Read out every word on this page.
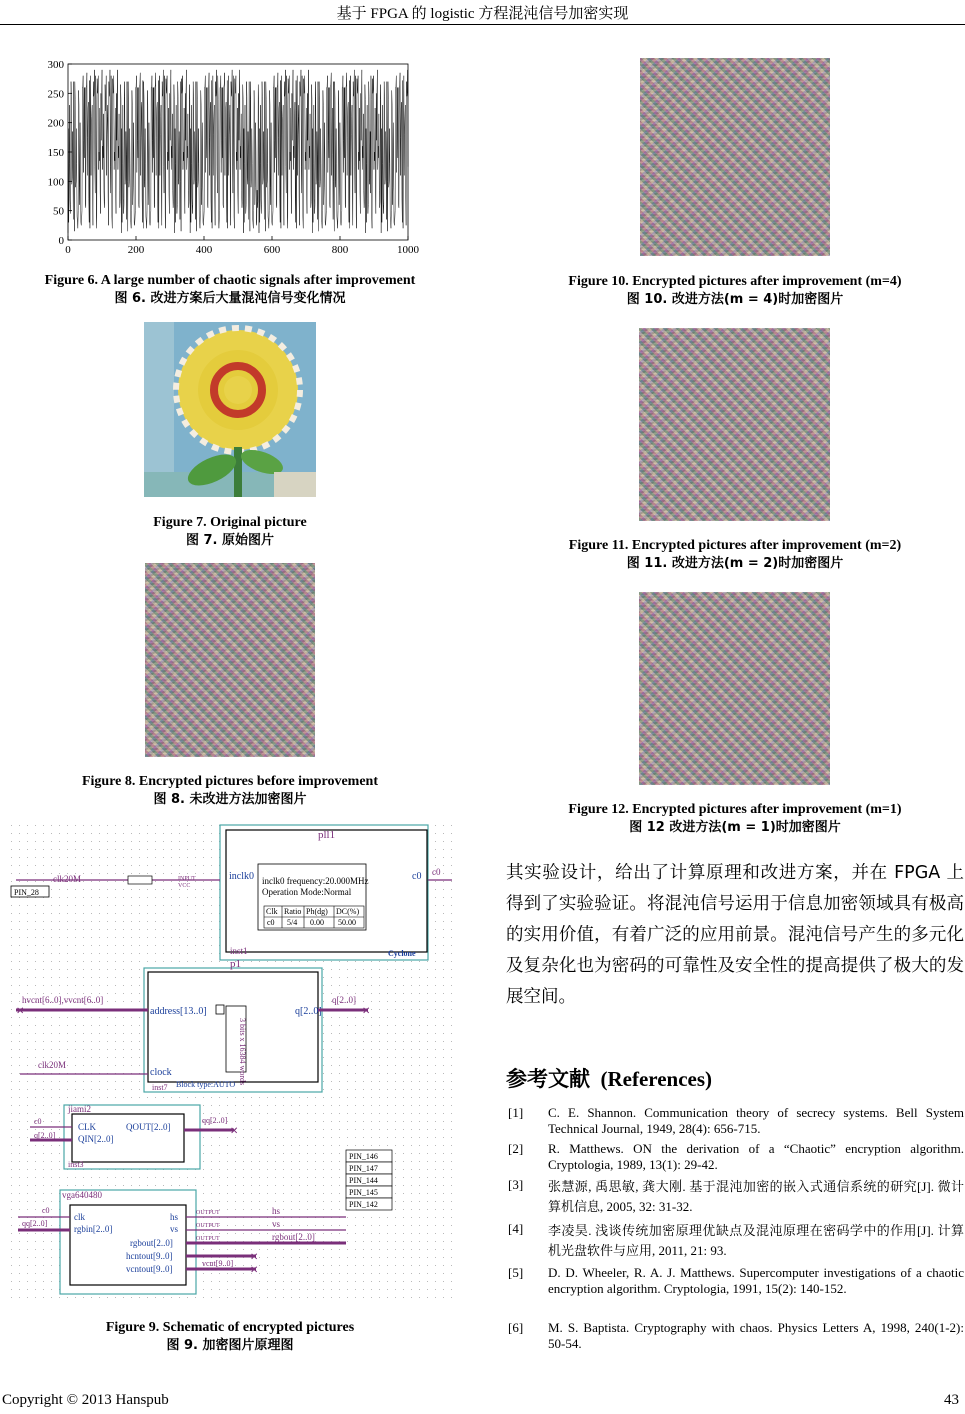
基于 FPGA 的 logistic 方程混沌信号加密实现
0
50
100
150
200
250
300
0	200	400	600	800	1000
Figure 6. A large number of chaotic signals after improvement
图 6. 改进方案后大量混沌信号变化情况
Figure 7. Original picture
图 7. 原始图片
Figure 8. Encrypted pictures before improvement
图 8. 未改进方法加密图片
pll1
inclk0	c0
inclk0 frequency:20.000MHz
Operation Mode:Normal
Clk Ratio Ph(dg) DC(%)
c0 5/4 0.00 50.00
inst1	Cyclone
PIN_28
clk20M	INPUT
VCC
c0
p1
address[13..0]	q[2..0]
clock	3 bits x 16384 words
inst7 Block type:AUTO
hvcnt[6..0],vvcnt[6..0]
✕
q[2..0]
✕
clk20M
jiami2
CLK
QIN[2..0]
QOUT[2..0]
inst3
c0
q[2..0]
qq[2..0]
✕
PIN_146
PIN_147
PIN_144
PIN_145
PIN_142
vga640480
clk
rgbin[2..0]
hs
vs
rgbout[2..0]
hcntout[9..0]
vcntout[9..0]
c0
qq[2..0]
OUTPUT
OUTPUT
OUTPUT
hs
vs
rgbout[2..0]
vcnt[9..0]
✕
✕
Figure 9. Schematic of encrypted pictures
图 9. 加密图片原理图
Figure 10. Encrypted pictures after improvement (m=4)
图 10. 改进方法(m = 4)时加密图片
Figure 11. Encrypted pictures after improvement (m=2)
图 11. 改进方法(m = 2)时加密图片
Figure 12. Encrypted pictures after improvement (m=1)
图 12 改进方法(m = 1)时加密图片
其实验设计，给出了计算原理和改进方案，并在 FPGA 上得到了实验验证。将混沌信号运用于信息加密领域具有极高的实用价值，有着广泛的应用前景。混沌信号产生的多元化及复杂化也为密码的可靠性及安全性的提高提供了极大的发展空间。
参考文献 (References)
[1] C. E. Shannon. Communication theory of secrecy systems. Bell System Technical Journal, 1949, 28(4): 656-715.
[2] R. Matthews. ON the derivation of a “Chaotic” encryption algorithm. Cryptologia, 1989, 13(1): 29-42.
[3] 张慧源, 禹思敏, 龚大刚. 基于混沌加密的嵌入式通信系统的研究[J]. 微计算机信息, 2005, 32: 31-32.
[4] 李凌昊. 浅谈传统加密原理优缺点及混沌原理在密码学中的作用[J]. 计算机光盘软件与应用, 2011, 21: 93.
[5] D. D. Wheeler, R. A. J. Matthews. Supercomputer investigations of a chaotic encryption algorithm. Cryptologia, 1991, 15(2): 140-152.
[6] M. S. Baptista. Cryptography with chaos. Physics Letters A, 1998, 240(1-2): 50-54.
Copyright © 2013 Hanspub	43
